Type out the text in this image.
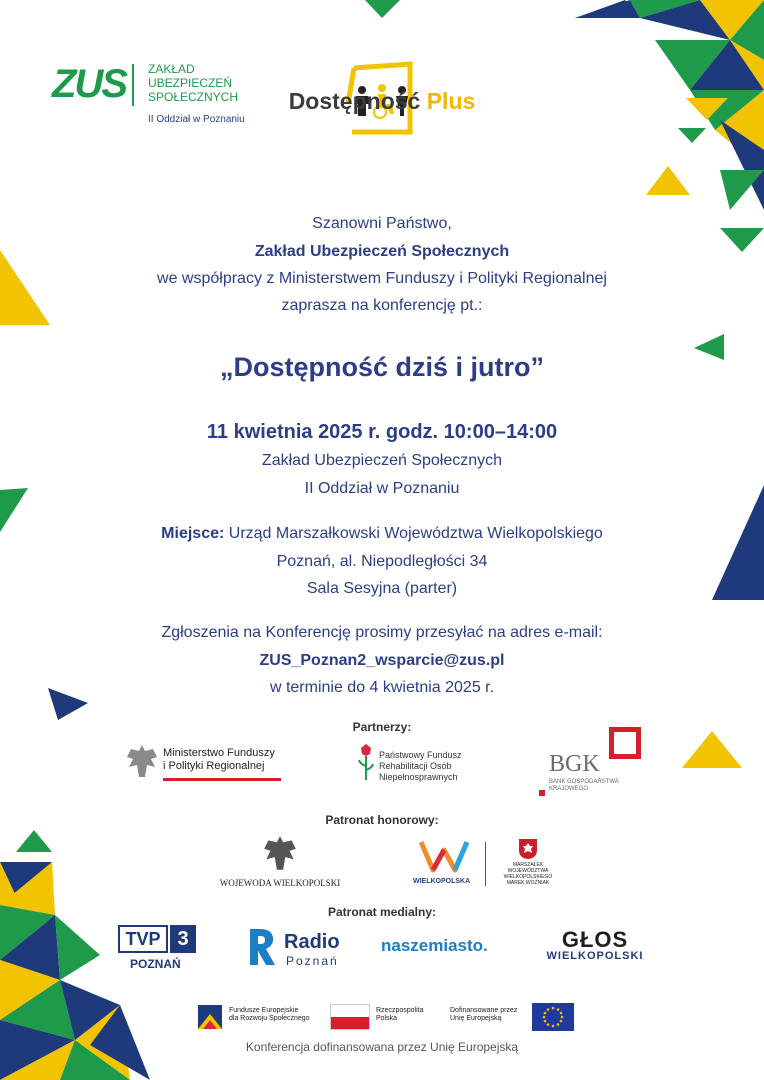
ZUS ZAKŁAD
UBEZPIECZEŃ
SPOŁECZNYCH
II Oddział w Poznaniu
Dostępność Plus
Szanowni Państwo,
Zakład Ubezpieczeń Społecznych
we współpracy z Ministerstwem Funduszy i Polityki Regionalnej
zaprasza na konferencję pt.:
„Dostępność dziś i jutro”
11 kwietnia 2025 r. godz. 10:00–14:00
Zakład Ubezpieczeń Społecznych
II Oddział w Poznaniu
Miejsce: Urząd Marszałkowski Województwa Wielkopolskiego
Poznań, al. Niepodległości 34
Sala Sesyjna (parter)
Zgłoszenia na Konferencję prosimy przesyłać na adres e-mail:
ZUS_Poznan2_wsparcie@zus.pl
w terminie do 4 kwietnia 2025 r.
Partnerzy:
Ministerstwo Funduszy
i Polityki Regionalnej
Państwowy Fundusz
Rehabilitacji Osób
Niepełnosprawnych	BGK
BANK GOSPODARSTWA
KRAJOWEGO
Patronat honorowy:
WOJEWODA WIELKOPOLSKI	WIELKOPOLSKA
MARSZAŁEK
WOJEWÓDZTWA
WIELKOPOLSKIEGO
MAREK WOŹNIAK
Patronat medialny:
TVP 3
POZNAŃ
Radio
Poznań
naszemiasto.	GŁOS
WIELKOPOLSKI
Fundusze Europejskie
dla Rozwoju Społecznego
Rzeczpospolita
Polska
Dofinansowane przez
Unię Europejską
Konferencja dofinansowana przez Unię Europejską
